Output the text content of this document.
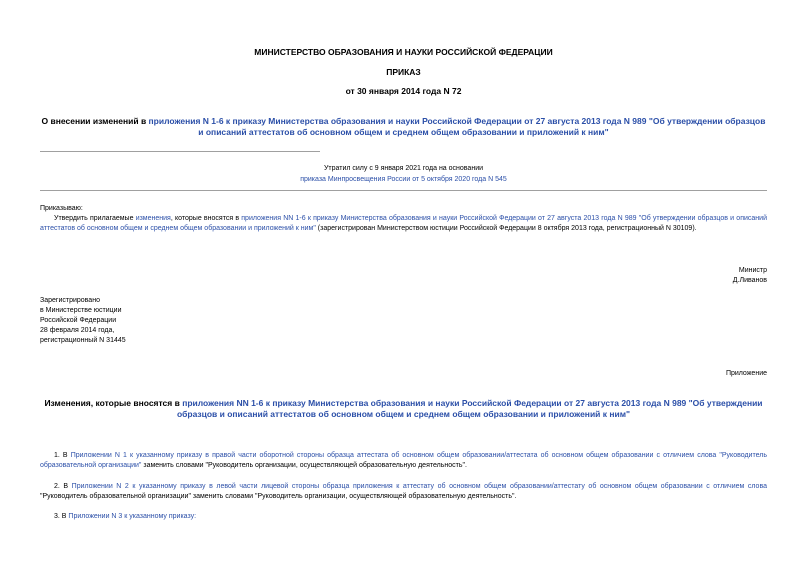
МИНИСТЕРСТВО ОБРАЗОВАНИЯ И НАУКИ РОССИЙСКОЙ ФЕДЕРАЦИИ
ПРИКАЗ
от 30 января 2014 года N 72
О внесении изменений в приложения N 1-6 к приказу Министерства образования и науки Российской Федерации от 27 августа 2013 года N 989 "Об утверждении образцов и описаний аттестатов об основном общем и среднем общем образовании и приложений к ним"
Утратил силу с 9 января 2021 года на основании
приказа Минпросвещения России от 5 октября 2020 года N 545
Приказываю:
Утвердить прилагаемые изменения, которые вносятся в приложения NN 1-6 к приказу Министерства образования и науки Российской Федерации от 27 августа 2013 года N 989 "Об утверждении образцов и описаний аттестатов об основном общем и среднем общем образовании и приложений к ним" (зарегистрирован Министерством юстиции Российской Федерации 8 октября 2013 года, регистрационный N 30109).
Министр
Д.Ливанов

Зарегистрировано

в Министерстве юстиции

Российской Федерации

28 февраля 2014 года,

регистрационный N 31445

Приложение
Изменения, которые вносятся в приложения NN 1-6 к приказу Министерства образования и науки Российской Федерации от 27 августа 2013 года N 989 "Об утверждении образцов и описаний аттестатов об основном общем и среднем общем образовании и приложений к ним"
1. В Приложении N 1 к указанному приказу в правой части оборотной стороны образца аттестата об основном общем образовании/аттестата об основном общем образовании с отличием слова "Руководитель образовательной организации" заменить словами "Руководитель организации, осуществляющей образовательную деятельность".
2. В Приложении N 2 к указанному приказу в левой части лицевой стороны образца приложения к аттестату об основном общем образовании/аттестату об основном общем образовании с отличием слова "Руководитель образовательной организации" заменить словами "Руководитель организации, осуществляющей образовательную деятельность".
3. В Приложении N 3 к указанному приказу:
